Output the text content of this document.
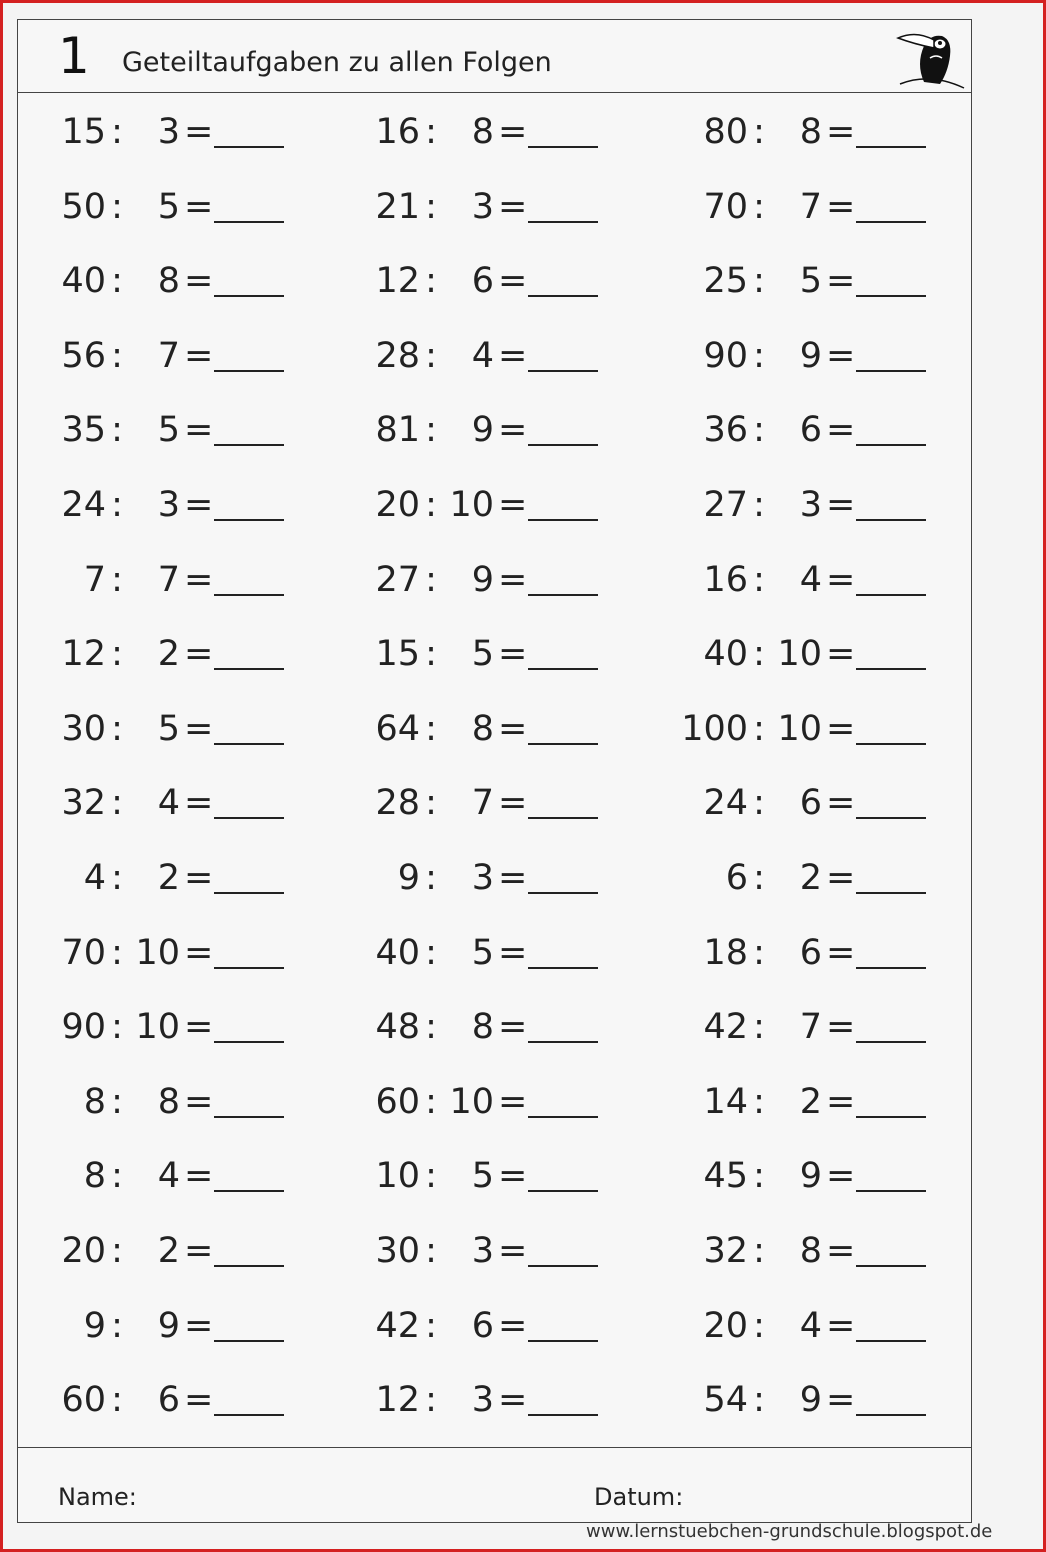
1 Geteiltaufgaben zu allen Folgen
15 : 3 =
50 : 5 =
40 : 8 =
56 : 7 =
35 : 5 =
24 : 3 =
7 : 7 =
12 : 2 =
30 : 5 =
32 : 4 =
4 : 2 =
70 : 10 =
90 : 10 =
8 : 8 =
8 : 4 =
20 : 2 =
9 : 9 =
60 : 6 =
16 : 8 =
21 : 3 =
12 : 6 =
28 : 4 =
81 : 9 =
20 : 10 =
27 : 9 =
15 : 5 =
64 : 8 =
28 : 7 =
9 : 3 =
40 : 5 =
48 : 8 =
60 : 10 =
10 : 5 =
30 : 3 =
42 : 6 =
12 : 3 =
80 : 8 =
70 : 7 =
25 : 5 =
90 : 9 =
36 : 6 =
27 : 3 =
16 : 4 =
40 : 10 =
100 : 10 =
24 : 6 =
6 : 2 =
18 : 6 =
42 : 7 =
14 : 2 =
45 : 9 =
32 : 8 =
20 : 4 =
54 : 9 =
Name:	Datum:
www.lernstuebchen-grundschule.blogspot.de
